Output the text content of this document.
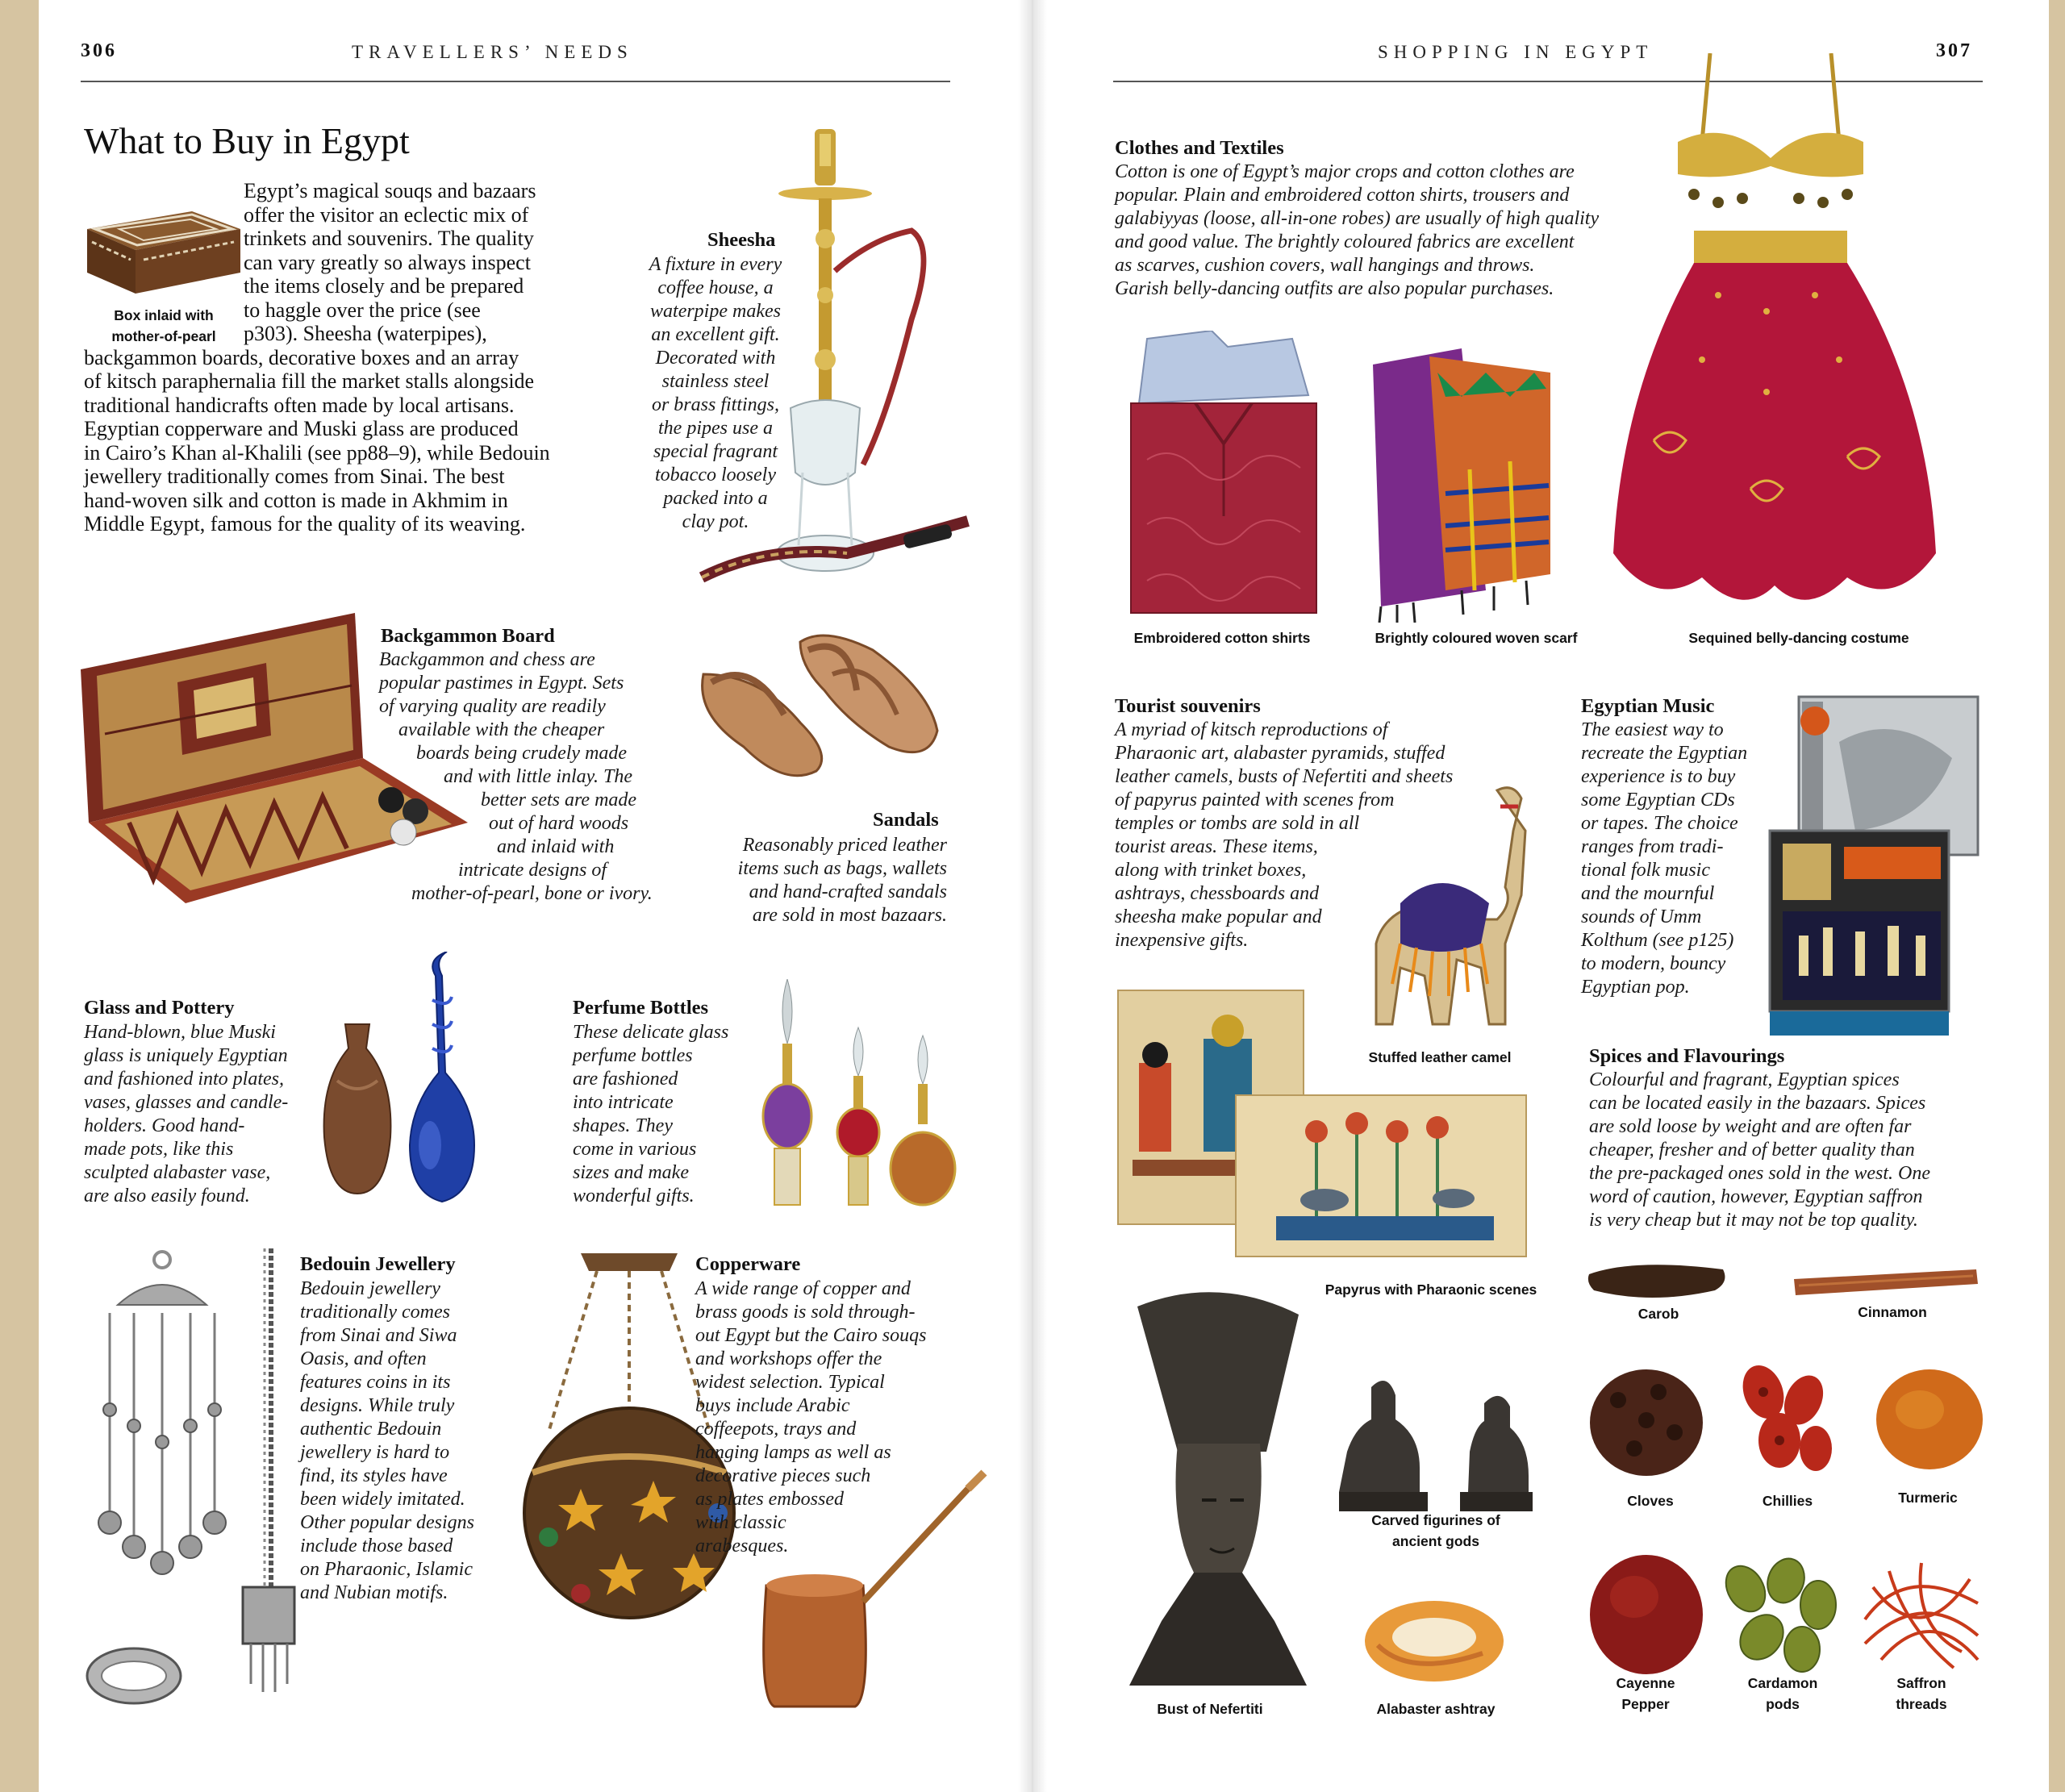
306	TRAVELLERS’ NEEDS	SHOPPING IN EGYPT	307
What to Buy in Egypt
Box inlaid with
mother-of-pearl
Egypt’s magical souqs and bazaars
offer the visitor an eclectic mix of
trinkets and souvenirs. The quality
can vary greatly so always inspect
the items closely and be prepared
to haggle over the price (see
p303). Sheesha (waterpipes),
backgammon boards, decorative boxes and an array
of kitsch paraphernalia fill the market stalls alongside
traditional handicrafts often made by local artisans.
Egyptian copperware and Muski glass are produced
in Cairo’s Khan al-Khalili (see pp88–9), while Bedouin
jewellery traditionally comes from Sinai. The best
hand-woven silk and cotton is made in Akhmim in
Middle Egypt, famous for the quality of its weaving.
Sheesha
A fixture in every
coffee house, a
waterpipe makes
an excellent gift.
Decorated with
stainless steel
or brass fittings,
the pipes use a
special fragrant
tobacco loosely
packed into a
clay pot.
Backgammon Board
Backgammon and chess are
popular pastimes in Egypt. Sets
of varying quality are readily
available with the cheaper
boards being crudely made
and with little inlay. The
better sets are made
out of hard woods
and inlaid with
intricate designs of
mother-of-pearl, bone or ivory.
Sandals
Reasonably priced leather
items such as bags, wallets
and hand-crafted sandals
are sold in most bazaars.
Glass and Pottery
Hand-blown, blue Muski
glass is uniquely Egyptian
and fashioned into plates,
vases, glasses and candle-
holders. Good hand-
made pots, like this
sculpted alabaster vase,
are also easily found.
Perfume Bottles
These delicate glass
perfume bottles
are fashioned
into intricate
shapes. They
come in various
sizes and make
wonderful gifts.
Bedouin Jewellery
Bedouin jewellery
traditionally comes
from Sinai and Siwa
Oasis, and often
features coins in its
designs. While truly
authentic Bedouin
jewellery is hard to
find, its styles have
been widely imitated.
Other popular designs
include those based
on Pharaonic, Islamic
and Nubian motifs.
Copperware
A wide range of copper and
brass goods is sold through-
out Egypt but the Cairo souqs
and workshops offer the
widest selection. Typical
buys include Arabic
coffeepots, trays and
hanging lamps as well as
decorative pieces such
as plates embossed
with classic
arabesques.
Clothes and Textiles
Cotton is one of Egypt’s major crops and cotton clothes are
popular. Plain and embroidered cotton shirts, trousers and
galabiyyas (loose, all-in-one robes) are usually of high quality
and good value. The brightly coloured fabrics are excellent
as scarves, cushion covers, wall hangings and throws.
Garish belly-dancing outfits are also popular purchases.
Embroidered cotton shirts	Brightly coloured woven scarf	Sequined belly-dancing costume
Tourist souvenirs
A myriad of kitsch reproductions of
Pharaonic art, alabaster pyramids, stuffed
leather camels, busts of Nefertiti and sheets
of papyrus painted with scenes from
temples or tombs are sold in all
tourist areas. These items,
along with trinket boxes,
ashtrays, chessboards and
sheesha make popular and
inexpensive gifts.
Stuffed leather camel
Papyrus with Pharaonic scenes
Egyptian Music
The easiest way to
recreate the Egyptian
experience is to buy
some Egyptian CDs
or tapes. The choice
ranges from tradi-
tional folk music
and the mournful
sounds of Umm
Kolthum (see p125)
to modern, bouncy
Egyptian pop.
Spices and Flavourings
Colourful and fragrant, Egyptian spices
can be located easily in the bazaars. Spices
are sold loose by weight and are often far
cheaper, fresher and of better quality than
the pre-packaged ones sold in the west. One
word of caution, however, Egyptian saffron
is very cheap but it may not be top quality.
Carob	Cinnamon
Cloves	Chillies	Turmeric
Cayenne
Pepper
Cardamon
pods
Saffron
threads
Bust of Nefertiti
Carved figurines of
ancient gods
Alabaster ashtray
